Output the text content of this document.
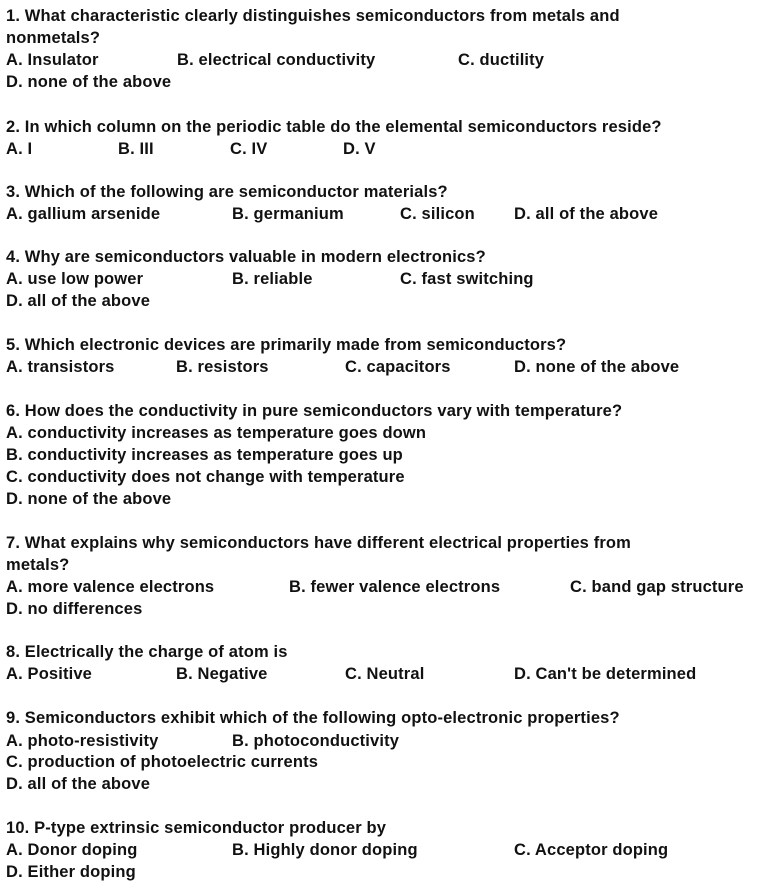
1. What characteristic clearly distinguishes semiconductors from metals and
nonmetals?
A. Insulator	B. electrical conductivity	C. ductility
D. none of the above
2. In which column on the periodic table do the elemental semiconductors reside?
A. I	B. III	C. IV	D. V
3. Which of the following are semiconductor materials?
A. gallium arsenide	B. germanium	C. silicon D. all of the above
4. Why are semiconductors valuable in modern electronics?
A. use low power	B. reliable	C. fast switching
D. all of the above
5. Which electronic devices are primarily made from semiconductors?
A. transistors	B. resistors	C. capacitors	D. none of the above
6. How does the conductivity in pure semiconductors vary with temperature?
A. conductivity increases as temperature goes down
B. conductivity increases as temperature goes up
C. conductivity does not change with temperature
D. none of the above
7. What explains why semiconductors have different electrical properties from
metals?
A. more valence electrons	B. fewer valence electrons	C. band gap structure
D. no differences
8. Electrically the charge of atom is
A. Positive	B. Negative	C. Neutral	D. Can't be determined
9. Semiconductors exhibit which of the following opto-electronic properties?
A. photo-resistivity	B. photoconductivity
C. production of photoelectric currents
D. all of the above
10. P-type extrinsic semiconductor producer by
A. Donor doping	B. Highly donor doping	C. Acceptor doping
D. Either doping
